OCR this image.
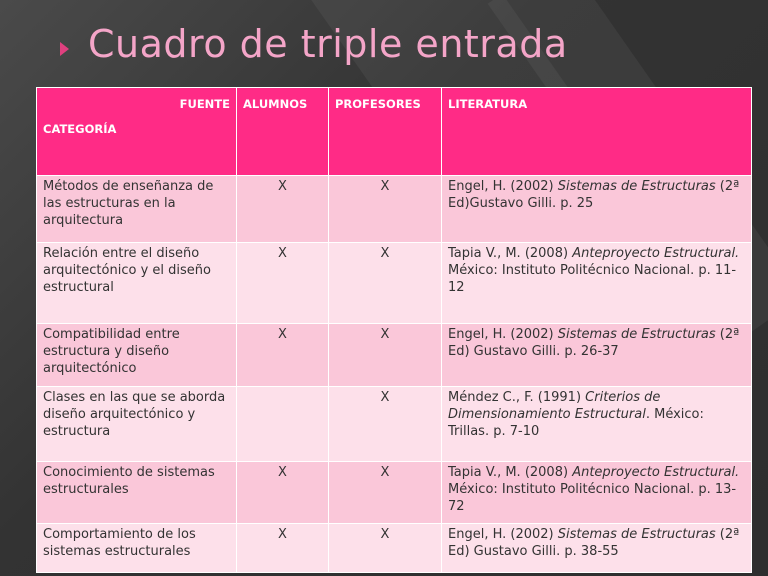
Cuadro de triple entrada
FUENTE
CATEGORÍA	ALUMNOS	PROFESORES	LITERATURA
Métodos de enseñanza de las estructuras en la arquitectura	X	X	Engel, H. (2002) Sistemas de Estructuras (2ª Ed)Gustavo Gilli. p. 25
Relación entre el diseño arquitectónico y el diseño estructural	X	X	Tapia V., M. (2008) Anteproyecto Estructural. México: Instituto Politécnico Nacional. p. 11-12
Compatibilidad entre estructura y diseño arquitectónico	X	X	Engel, H. (2002) Sistemas de Estructuras (2ª Ed) Gustavo Gilli. p. 26-37
Clases en las que se aborda diseño arquitectónico y estructura		X	Méndez C., F. (1991) Criterios de Dimensionamiento Estructural. México: Trillas. p. 7-10
Conocimiento de sistemas estructurales	X	X	Tapia V., M. (2008) Anteproyecto Estructural. México: Instituto Politécnico Nacional. p. 13-72
Comportamiento de los sistemas estructurales	X	X	Engel, H. (2002) Sistemas de Estructuras (2ª Ed) Gustavo Gilli. p. 38-55
